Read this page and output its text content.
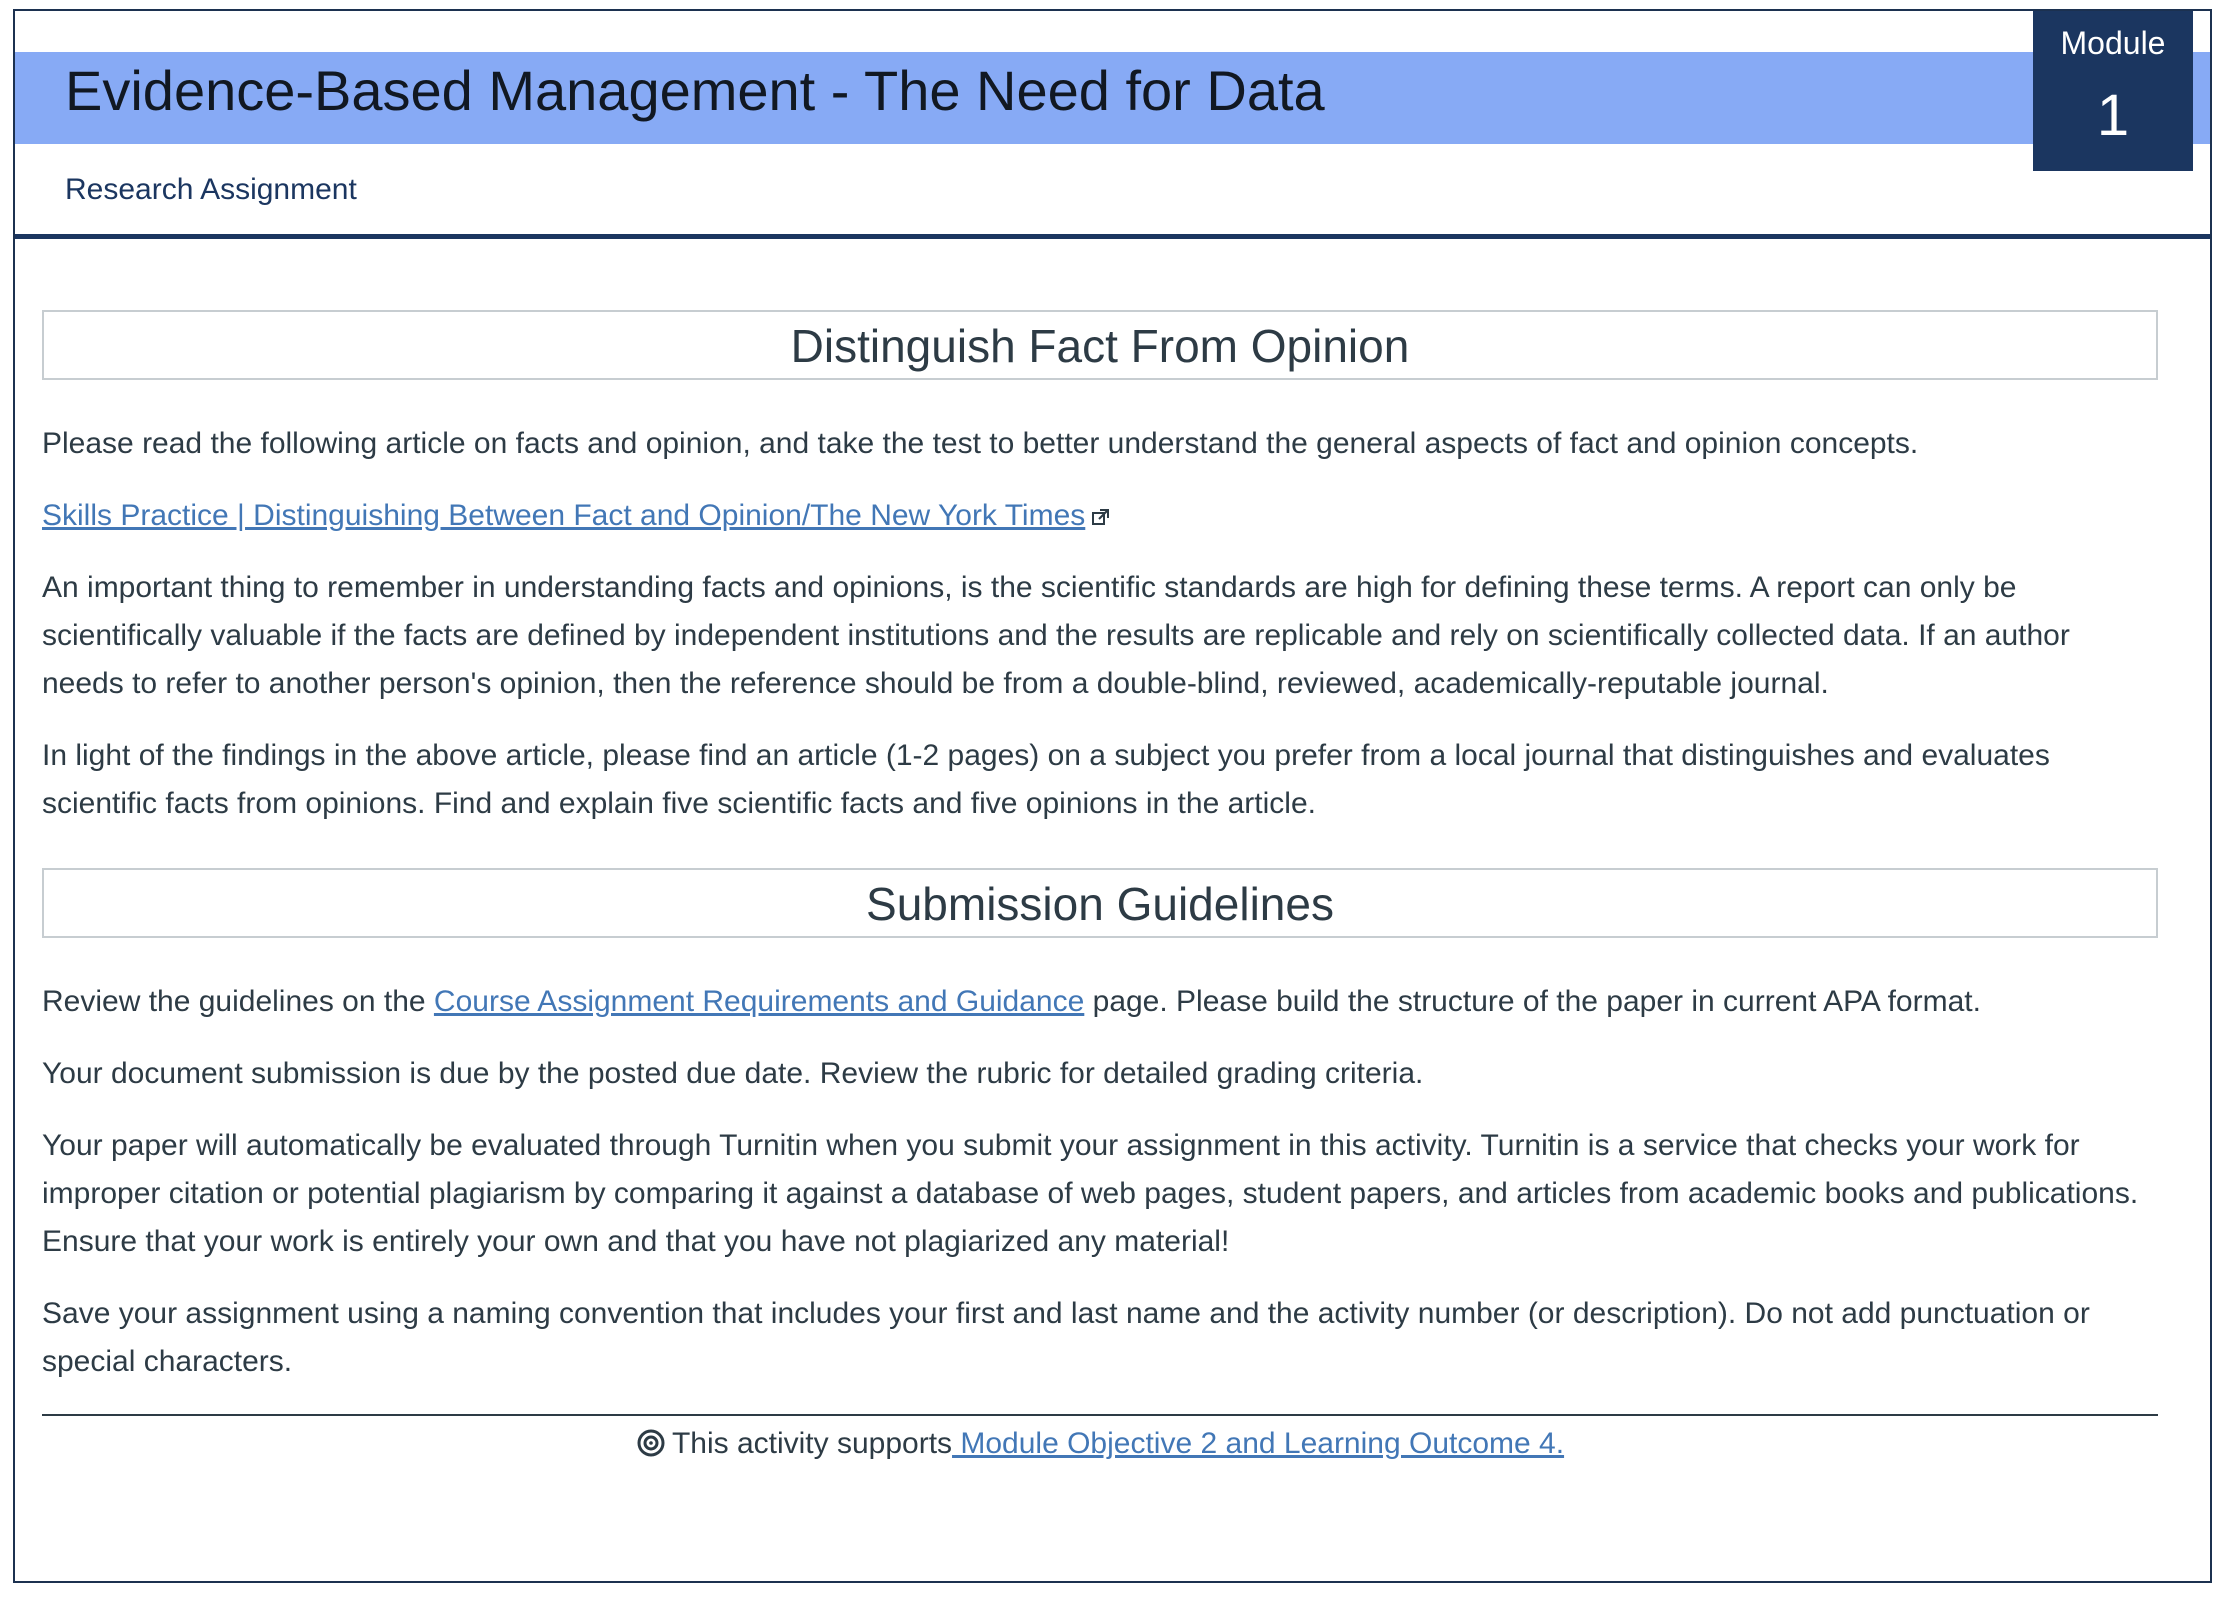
Evidence-Based Management - The Need for Data
Module
1
Research Assignment
Distinguish Fact From Opinion

Please read the following article on facts and opinion, and take the test to better understand the general aspects of fact and opinion concepts.

Skills Practice | Distinguishing Between Fact and Opinion/The New York Times

An important thing to remember in understanding facts and opinions, is the scientific standards are high for defining these terms. A report can only be scientifically valuable if the facts are defined by independent institutions and the results are replicable and rely on scientifically collected data. If an author needs to refer to another person's opinion, then the reference should be from a double-blind, reviewed, academically-reputable journal.

In light of the findings in the above article, please find an article (1-2 pages) on a subject you prefer from a local journal that distinguishes and evaluates scientific facts from opinions. Find and explain five scientific facts and five opinions in the article.

Submission Guidelines

Review the guidelines on the Course Assignment Requirements and Guidance page. Please build the structure of the paper in current APA format.

Your document submission is due by the posted due date. Review the rubric for detailed grading criteria.

Your paper will automatically be evaluated through Turnitin when you submit your assignment in this activity. Turnitin is a service that checks your work for improper citation or potential plagiarism by comparing it against a database of web pages, student papers, and articles from academic books and publications. Ensure that your work is entirely your own and that you have not plagiarized any material!

Save your assignment using a naming convention that includes your first and last name and the activity number (or description). Do not add punctuation or special characters.

This activity supports Module Objective 2 and Learning Outcome 4.
